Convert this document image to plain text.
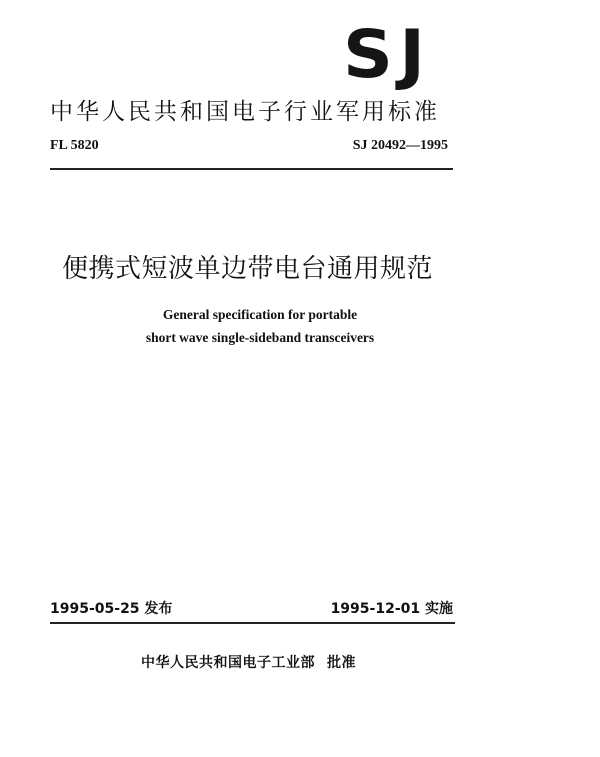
SJ
中华人民共和国电子行业军用标准
FL 5820	SJ 20492—1995
便携式短波单边带电台通用规范
General specification for portable
short wave single-sideband transceivers
1995-05-25 发布	1995-12-01 实施
中华人民共和国电子工业部 批准
